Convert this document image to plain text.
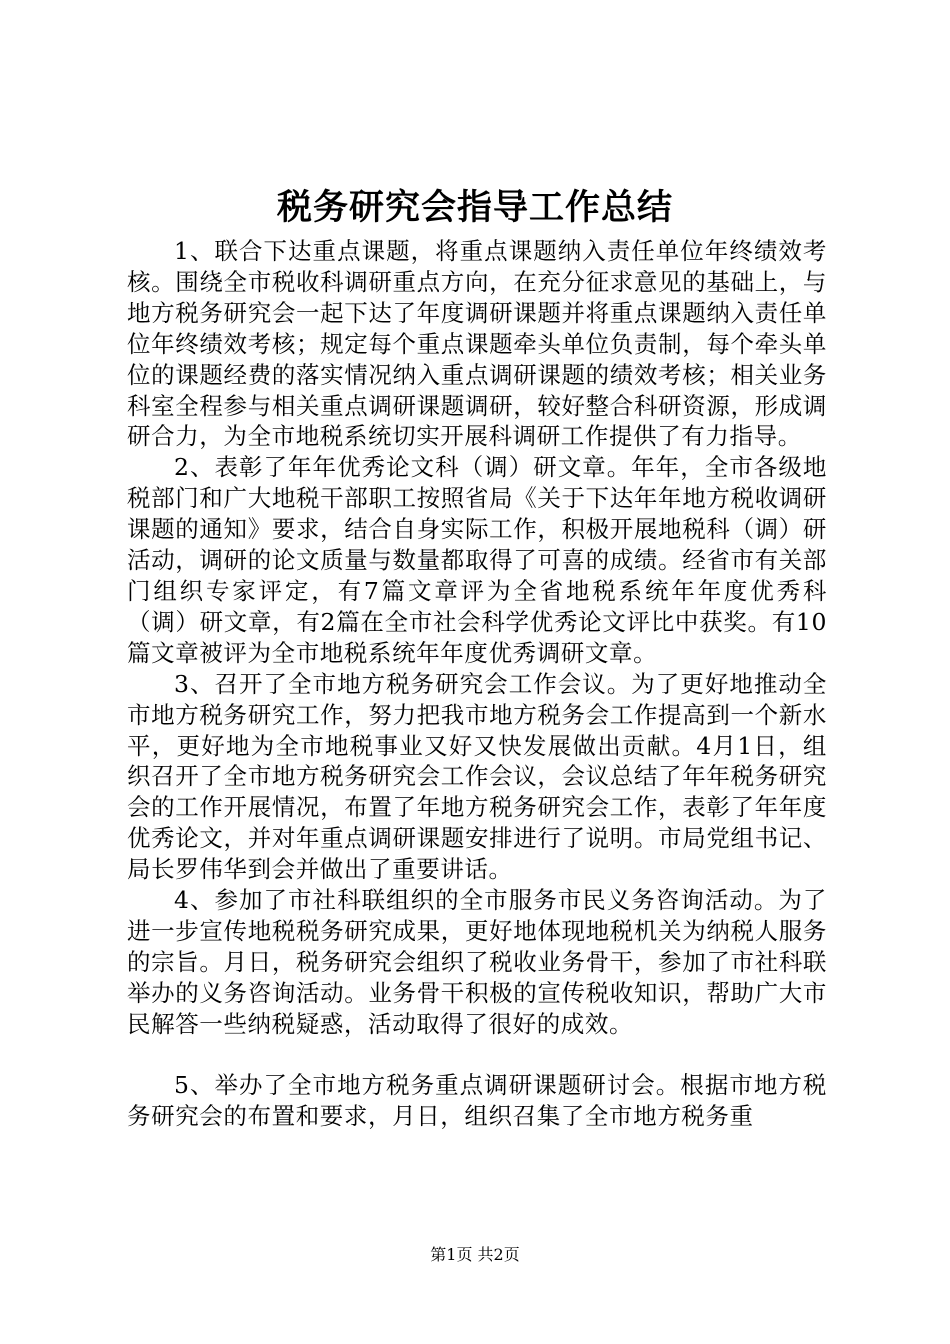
税务研究会指导工作总结

1、联合下达重点课题，将重点课题纳入责任单位年终绩效考核。围绕全市税收科调研重点方向，在充分征求意见的基础上，与地方税务研究会一起下达了年度调研课题并将重点课题纳入责任单位年终绩效考核；规定每个重点课题牵头单位负责制，每个牵头单位的课题经费的落实情况纳入重点调研课题的绩效考核；相关业务科室全程参与相关重点调研课题调研，较好整合科研资源，形成调研合力，为全市地税系统切实开展科调研工作提供了有力指导。

2、表彰了年年优秀论文科（调）研文章。年年，全市各级地税部门和广大地税干部职工按照省局《关于下达年年地方税收调研课题的通知》要求，结合自身实际工作，积极开展地税科（调）研活动，调研的论文质量与数量都取得了可喜的成绩。经省市有关部门组织专家评定，有7篇文章评为全省地税系统年年度优秀科（调）研文章，有2篇在全市社会科学优秀论文评比中获奖。有10篇文章被评为全市地税系统年年度优秀调研文章。

3、召开了全市地方税务研究会工作会议。为了更好地推动全市地方税务研究工作，努力把我市地方税务会工作提高到一个新水平，更好地为全市地税事业又好又快发展做出贡献。4月1日，组织召开了全市地方税务研究会工作会议，会议总结了年年税务研究会的工作开展情况，布置了年地方税务研究会工作，表彰了年年度优秀论文，并对年重点调研课题安排进行了说明。市局党组书记、局长罗伟华到会并做出了重要讲话。

4、参加了市社科联组织的全市服务市民义务咨询活动。为了进一步宣传地税税务研究成果，更好地体现地税机关为纳税人服务的宗旨。月日，税务研究会组织了税收业务骨干，参加了市社科联举办的义务咨询活动。业务骨干积极的宣传税收知识，帮助广大市民解答一些纳税疑惑，活动取得了很好的成效。

5、举办了全市地方税务重点调研课题研讨会。根据市地方税务研究会的布置和要求，月日，组织召集了全市地方税务重

第1页 共2页
